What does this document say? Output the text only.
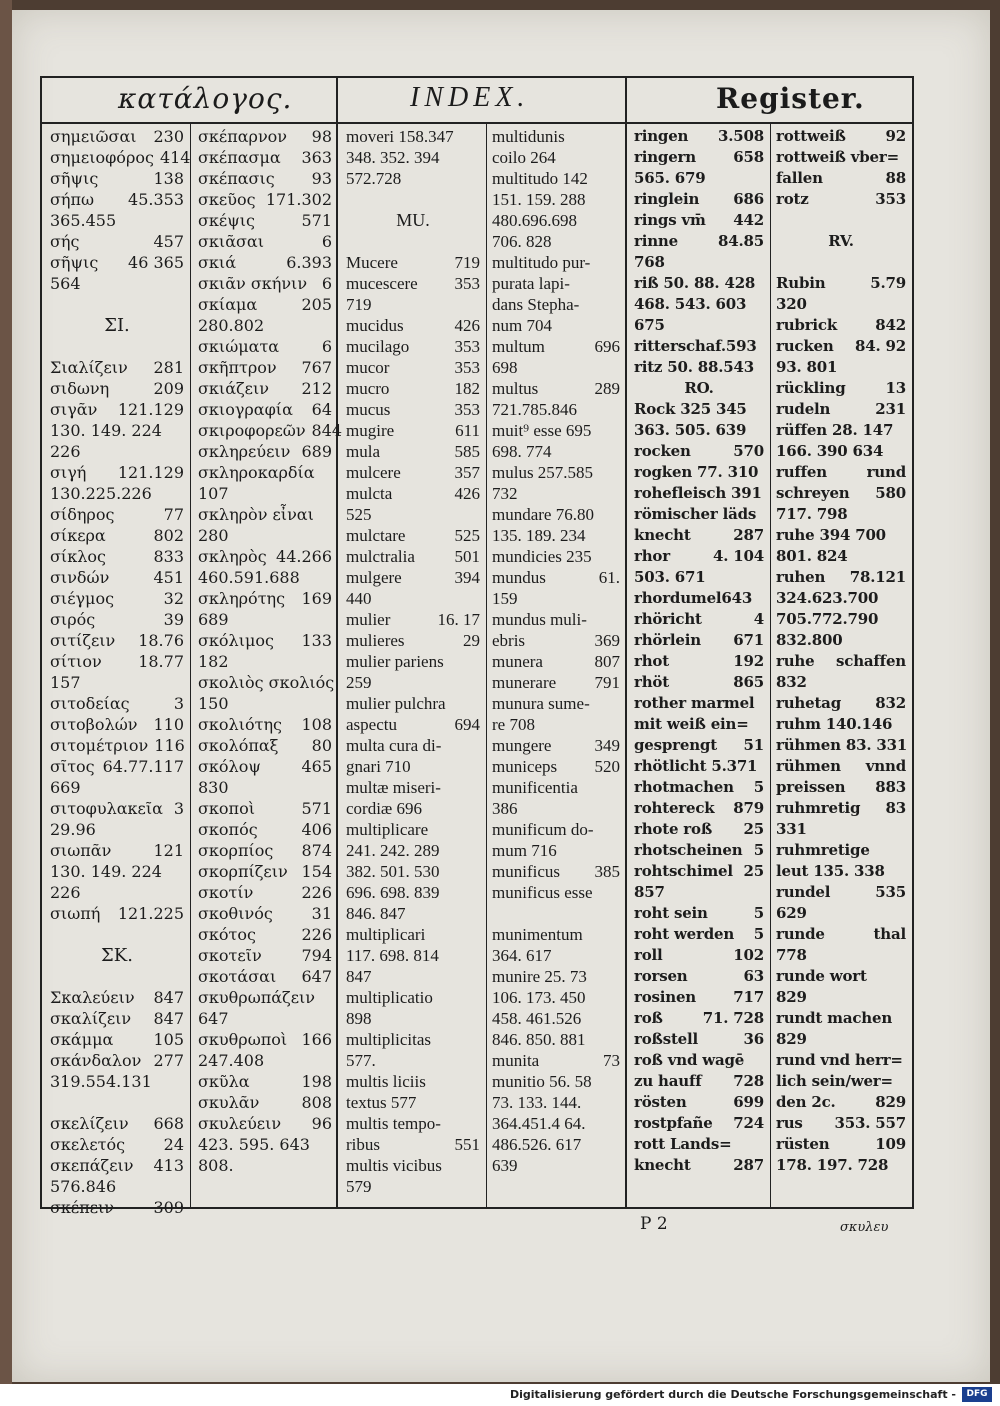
κατάλογος.	INDEX.	Register.
σημειῶσαι	230
σημειοφόρος 414
σῆψις	138
σήπω	45.353
365.455
σής	457
σῆψις	46 365
564
ΣΙ.
Σιαλίζειν	281
σιδωνη	209
σιγᾶν	121.129
130. 149. 224
226
σιγή	121.129
130.225.226
σίδηρος	77
σίκερα	802
σίκλος	833
σινδών	451
σιέγμος	32
σιρός	39
σιτίζειν	18.76
σίτιον	18.77
157
σιτοδείας	3
σιτοβολών 110
σιτομέτριον 116
σῖτος 64.77.117
669
σιτοφυλακεῖα 3
29.96
σιωπᾶν	121
130. 149. 224
226
σιωπή	121.225
ΣΚ.
Σκαλεύειν	847
σκαλίζειν	847
σκάμμα	105
σκάνδαλον 277
319.554.131
σκελίζειν	668
σκελετός	24
σκεπάζειν	413
576.846
σκέπειν	309
σκέπαρνον	98
σκέπασμα	363
σκέπασις	93
σκεῦος 171.302
σκέψις	571
σκιᾶσαι	6
σκιά	6.393
σκιᾶν σκήνιν 6
σκίαμα	205
280.802
σκιώματα	6
σκῆπτρον	767
σκιάζειν	212
σκιογραφία	64
σκιροφορεῶν 844
σκληρεύειν 689
σκληροκαρδία
107
σκληρὸν εἶναι
280
σκληρὸς 44.266
460.591.688
σκληρότης	169
689
σκόλιμος	133
182
σκολιὸς σκολιός
150
σκολιότης	108
σκολόπαξ	80
σκόλοψ	465
830
σκοποὶ	571
σκοπός	406
σκορπίος	874
σκορπίζειν 154
σκοτίν	226
σκοθινός	31
σκότος	226
σκοτεῖν	794
σκοτάσαι	647
σκυθρωπάζειν
647
σκυθρωποὶ 166
247.408
σκῦλα	198
σκυλᾶν	808
σκυλεύειν	96
423. 595. 643
808.
moveri 158.347
348. 352. 394
572.728
MU.
Mucere	719
mucescere	353
719
mucidus	426
mucilago	353
mucor	353
mucro	182
mucus	353
mugire	611
mula	585
mulcere	357
mulcta	426
525
mulctare	525
mulctralia	501
mulgere	394
440
mulier	16. 17
mulieres	29
mulier pariens
259
mulier pulchra
aspectu	694
multa cura di-
gnari 710
multæ miseri-
cordiæ 696
multiplicare
241. 242. 289
382. 501. 530
696. 698. 839
846. 847
multiplicari
117. 698. 814
847
multiplicatio
898
multiplicitas
577.
multis liciis
textus 577
multis tempo-
ribus	551
multis vicibus
579
multidunis
coilo 264
multitudo 142
151. 159. 288
480.696.698
706. 828
multitudo pur-
purata lapi-
dans Stepha-
num 704
multum	696
698
multus	289
721.785.846
muit⁹ esse 695
698. 774
mulus 257.585
732
mundare 76.80
135. 189. 234
mundicies 235
mundus	61.
159
mundus muli-
ebris	369
munera	807
munerare	791
munura sume-
re 708
mungere	349
municeps	520
munificentia
386
munificum do-
mum 716
munificus	385
munificus esse
munimentum
364. 617
munire 25. 73
106. 173. 450
458. 461.526
846. 850. 881
munita	73
munitio 56. 58
73. 133. 144.
364.451.4 64.
486.526. 617
639
ringen	3.508
ringern	658
565. 679
ringlein	686
rings vm̄	442
rinne	84.85
768
riß 50. 88. 428
468. 543. 603
675
ritterschaf.593
ritz 50. 88.543
RO.
Rock 325 345
363. 505. 639
rocken	570
rogken 77. 310
rohefleisch 391
römischer läds
knecht	287
rhor	4. 104
503. 671
rhordumel643
rhöricht	4
rhörlein	671
rhot	192
rhöt	865
rother marmel
mit weiß ein=
gesprengt	51
rhötlicht 5.371
rhotmachen	5
rohtereck	879
rhote roß	25
rhotscheinen 5
rohtschimel 25
857
roht sein	5
roht werden	5
roll	102
rorsen	63
rosinen	717
roß	71. 728
roßstell	36
roß vnd wagē
zu hauff	728
rösten	699
rostpfañe	724
rott Lands=
knecht	287
rottweiß	92
rottweiß vber=
fallen	88
rotz	353
RV.
Rubin	5.79
320
rubrick	842
rucken	84. 92
93. 801
rückling	13
rudeln	231
rüffen 28. 147
166. 390 634
ruffen	rund
schreyen	580
717. 798
ruhe 394 700
801. 824
ruhen	78.121
324.623.700
705.772.790
832.800
ruhe	schaffen
832
ruhetag	832
ruhm 140.146
rühmen 83. 331
rühmen	vnnd
preissen	883
ruhmretig	83
331
ruhmretige
leut 135. 338
rundel	535
629
runde	thal
778
runde wort
829
rundt machen
829
rund vnd herr=
lich sein/wer=
den 2c.	829
rus	353. 557
rüsten	109
178. 197. 728
P 2	σκυλευ
Digitalisierung gefördert durch die Deutsche Forschungsgemeinschaft -	DFG
